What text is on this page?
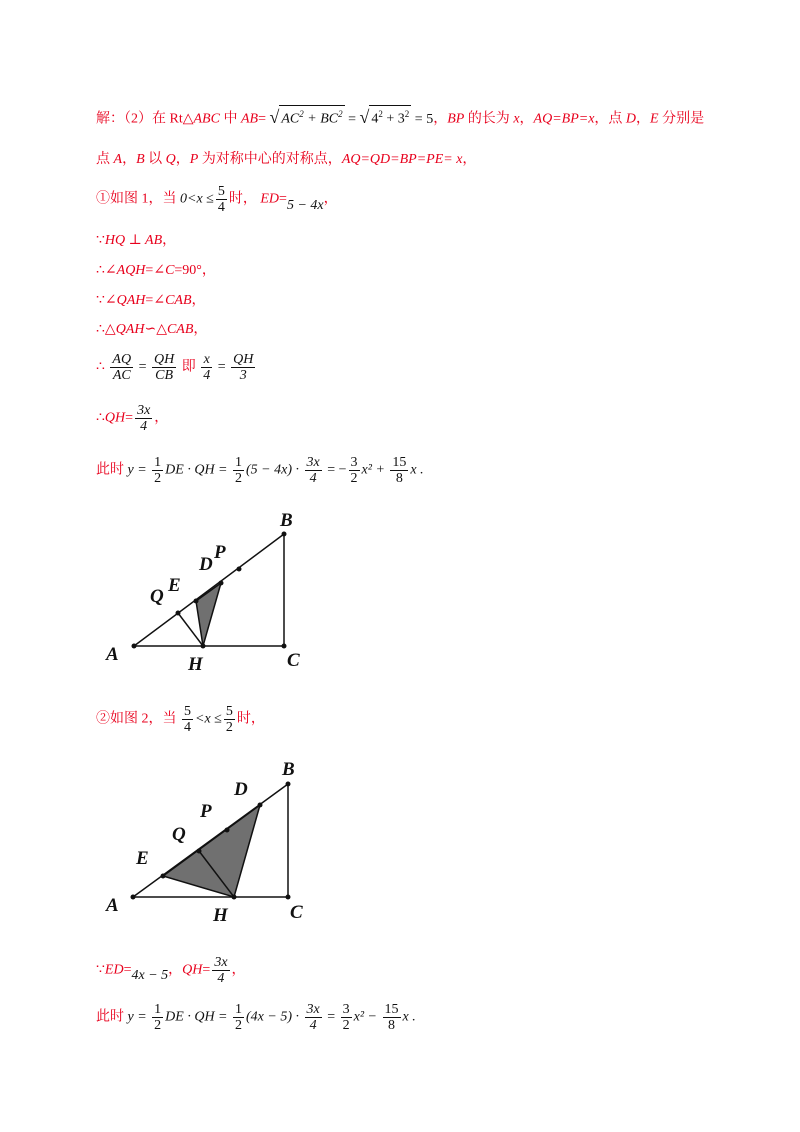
解：（2）在 Rt△ABC 中 AB= √ $AC^2 + BC^2$ = √ $4^2 + 3^2 = 5$，BP 的长为 x，AQ=BP=x，点 D，E 分别是
点 A，B 以 Q，P 为对称中心的对称点，AQ=QD=BP=PE= x，
①如图 1，当 $0<x \le \frac{5}{4}$ 时， ED=5 − 4x，
∵HQ ⊥ AB，
∴∠AQH=∠C=90°，
∵∠QAH=∠CAB，
∴△QAH∽△CAB，
∴ $\frac{AQ}{AC} = \frac{QH}{CB}$ 即 $\frac{x}{4} = \frac{QH}{3}$
∴QH= $\frac{3x}{4}$ ，
此时 $y = \frac{1}{2}$ DE · QH = $\frac{1}{2} (5 - 4x) \cdot \frac{3x}{4}$ = − $\frac{3}{2} x^2 + \frac{15}{8}$ x .
A
B
C
H
Q
E
D
P
②如图 2，当 $\frac{5}{4} <x \le \frac{5}{2}$ 时，
A
B
C
H
Q
E
D
P
∵ED=4x − 5，$QH= \frac{3x}{4}$ ，
此时 $y = \frac{1}{2}$ DE · QH = $\frac{1}{2} (4x - 5) \cdot \frac{3x}{4} = \frac{3}{2} x^2 - \frac{15}{8}$ x .
